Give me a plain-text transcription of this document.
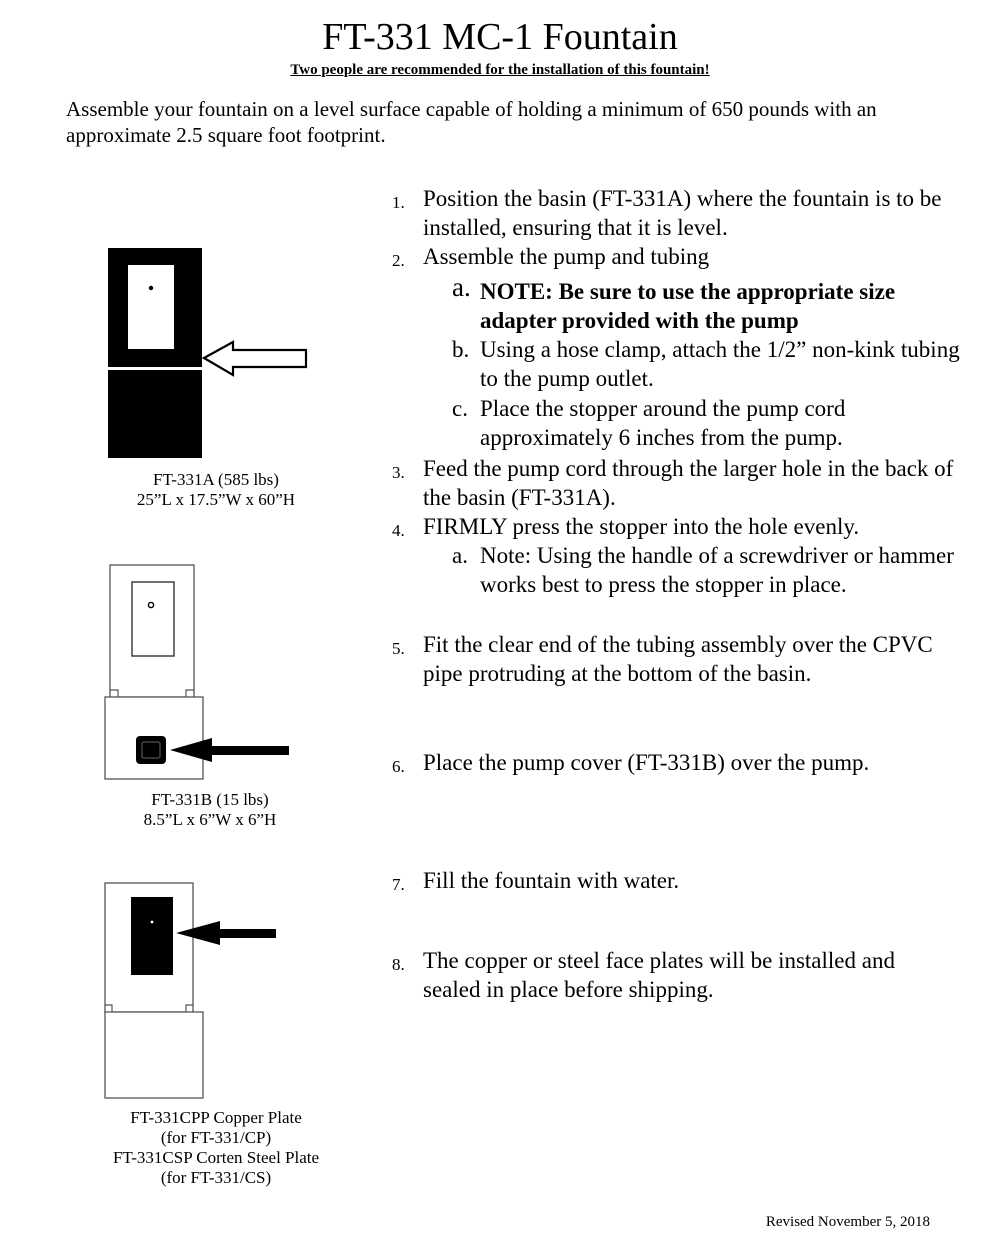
FT-331 MC-1 Fountain
Two people are recommended for the installation of this fountain!
Assemble your fountain on a level surface capable of holding a minimum of 650 pounds with an approximate 2.5 square foot footprint.
FT-331A (585 lbs)
25”L x 17.5”W x 60”H
FT-331B (15 lbs)
8.5”L x 6”W x 6”H
FT-331CPP Copper Plate
(for FT-331/CP)
FT-331CSP Corten Steel Plate
(for FT-331/CS)
1. Position the basin (FT-331A) where the fountain is to be installed, ensuring that it is level.
2. Assemble the pump and tubing
a. NOTE: Be sure to use the appropriate size adapter provided with the pump
b. Using a hose clamp, attach the 1/2” non-kink tubing to the pump outlet.
c. Place the stopper around the pump cord approximately 6 inches from the pump.
3. Feed the pump cord through the larger hole in the back of the basin (FT-331A).
4. FIRMLY press the stopper into the hole evenly.
a. Note: Using the handle of a screwdriver or hammer works best to press the stopper in place.
5. Fit the clear end of the tubing assembly over the CPVC pipe protruding at the bottom of the basin.
6. Place the pump cover (FT-331B) over the pump.
7. Fill the fountain with water.
8. The copper or steel face plates will be installed and sealed in place before shipping.
Revised November 5, 2018
